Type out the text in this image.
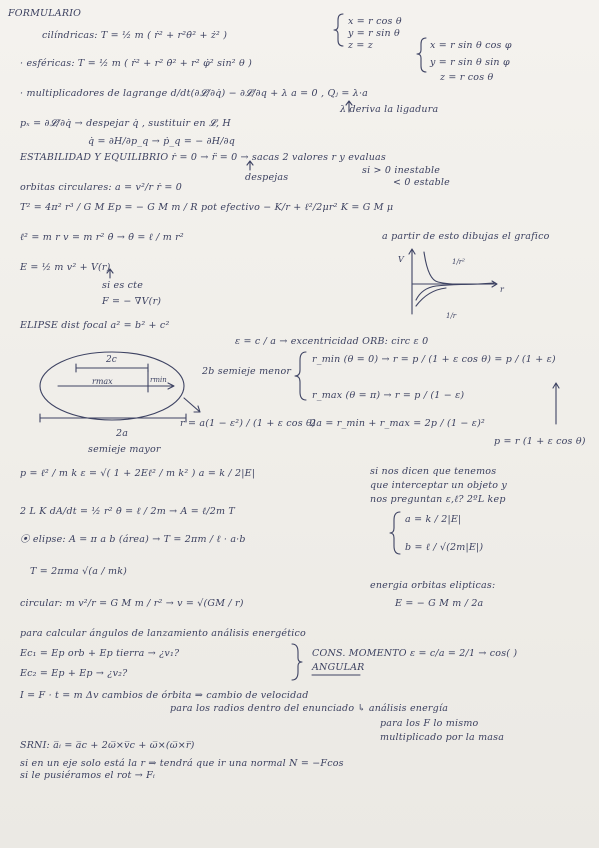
FORMULARIO
cilíndricas: T = ½ m ( ṙ² + r²θ̇² + ż² )
x = r cos θ
y = r sin θ
z = z
· esféricas: T = ½ m ( ṙ² + r² θ̇² + r² φ̇² sin² θ )
x = r sin θ cos φ
y = r sin θ sin φ
z = r cos θ
· multiplicadores de lagrange d/dt(∂𝓛/∂q̇) − ∂𝓛/∂q + λ a = 0 , Qⱼ = λ·a
λ deriva la ligadura
pₓ = ∂𝓛/∂q̇ → despejar q̇ , sustituir en 𝓛, H
q̇ = ∂H/∂p_q → ṗ_q = − ∂H/∂q
ESTABILIDAD Y EQUILIBRIO ṙ = 0 → r̈ = 0 → sacas 2 valores r y evaluas
si > 0 inestable
despejas	< 0 estable
orbitas circulares: a = v²/r ṙ = 0
T² = 4π² r³ / G M Ep = − G M m / R pot efectivo − K/r + ℓ²/2μr² K = G M μ
ℓ² = m r v = m r² θ̇ → θ̇ = ℓ / m r²	a partir de esto dibujas el grafico
E = ½ m v² + V(r)
si es cte
F = − ∇V(r)
ELIPSE dist focal a² = b² + c²
ε = c / a → excentricidad ORB: circ ε 0
r_min (θ = 0) → r = p / (1 + ε cos θ) = p / (1 + ε)
2b semieje menor
r_max (θ = π) → r = p / (1 − ε)
r = a(1 − ε²) / (1 + ε cos θ)
2a = r_min + r_max = 2p / (1 − ε)²
p = r (1 + ε cos θ)
2a
semieje mayor
p = ℓ² / m k ε = √( 1 + 2Eℓ² / m k² ) a = k / 2|E|	si nos dicen que tenemos
que interceptar un objeto y
nos preguntan ε,ℓ? 2ºL kep
2 L K dA/dt = ½ r² θ̇ = ℓ / 2m → A = ℓ/2m T
a = k / 2|E|
⦿ elipse: A = π a b (área) → T = 2πm / ℓ · a·b
b = ℓ / √(2m|E|)
T = 2πma √(a / mk)
energia orbitas elipticas:
circular: m v²/r = G M m / r² → v = √(GM / r)	E = − G M m / 2a
para calcular ángulos de lanzamiento análisis energético
Ec₁ = Ep orb + Ep tierra → ¿v₁?	CONS. MOMENTO ε = c/a = 2/1 → cos( )
Ec₂ = Ep + Ep → ¿v₂?
ANGULAR
I = F · t = m Δv cambios de órbita ⇒ cambio de velocidad
para los radios dentro del enunciado ↳ análisis energía
para los F lo mismo
SRNI: a̅ᵢ = a̅c + 2ω̅×v̅c + ω̅×(ω̅×r̅)
multiplicado por la masa
si en un eje solo está la r ⇒ tendrá que ir una normal N = −Fcos
si le pusiéramos el rot → Fᵢ
2c
rmax	rmin
V
r
1/r²
1/r
